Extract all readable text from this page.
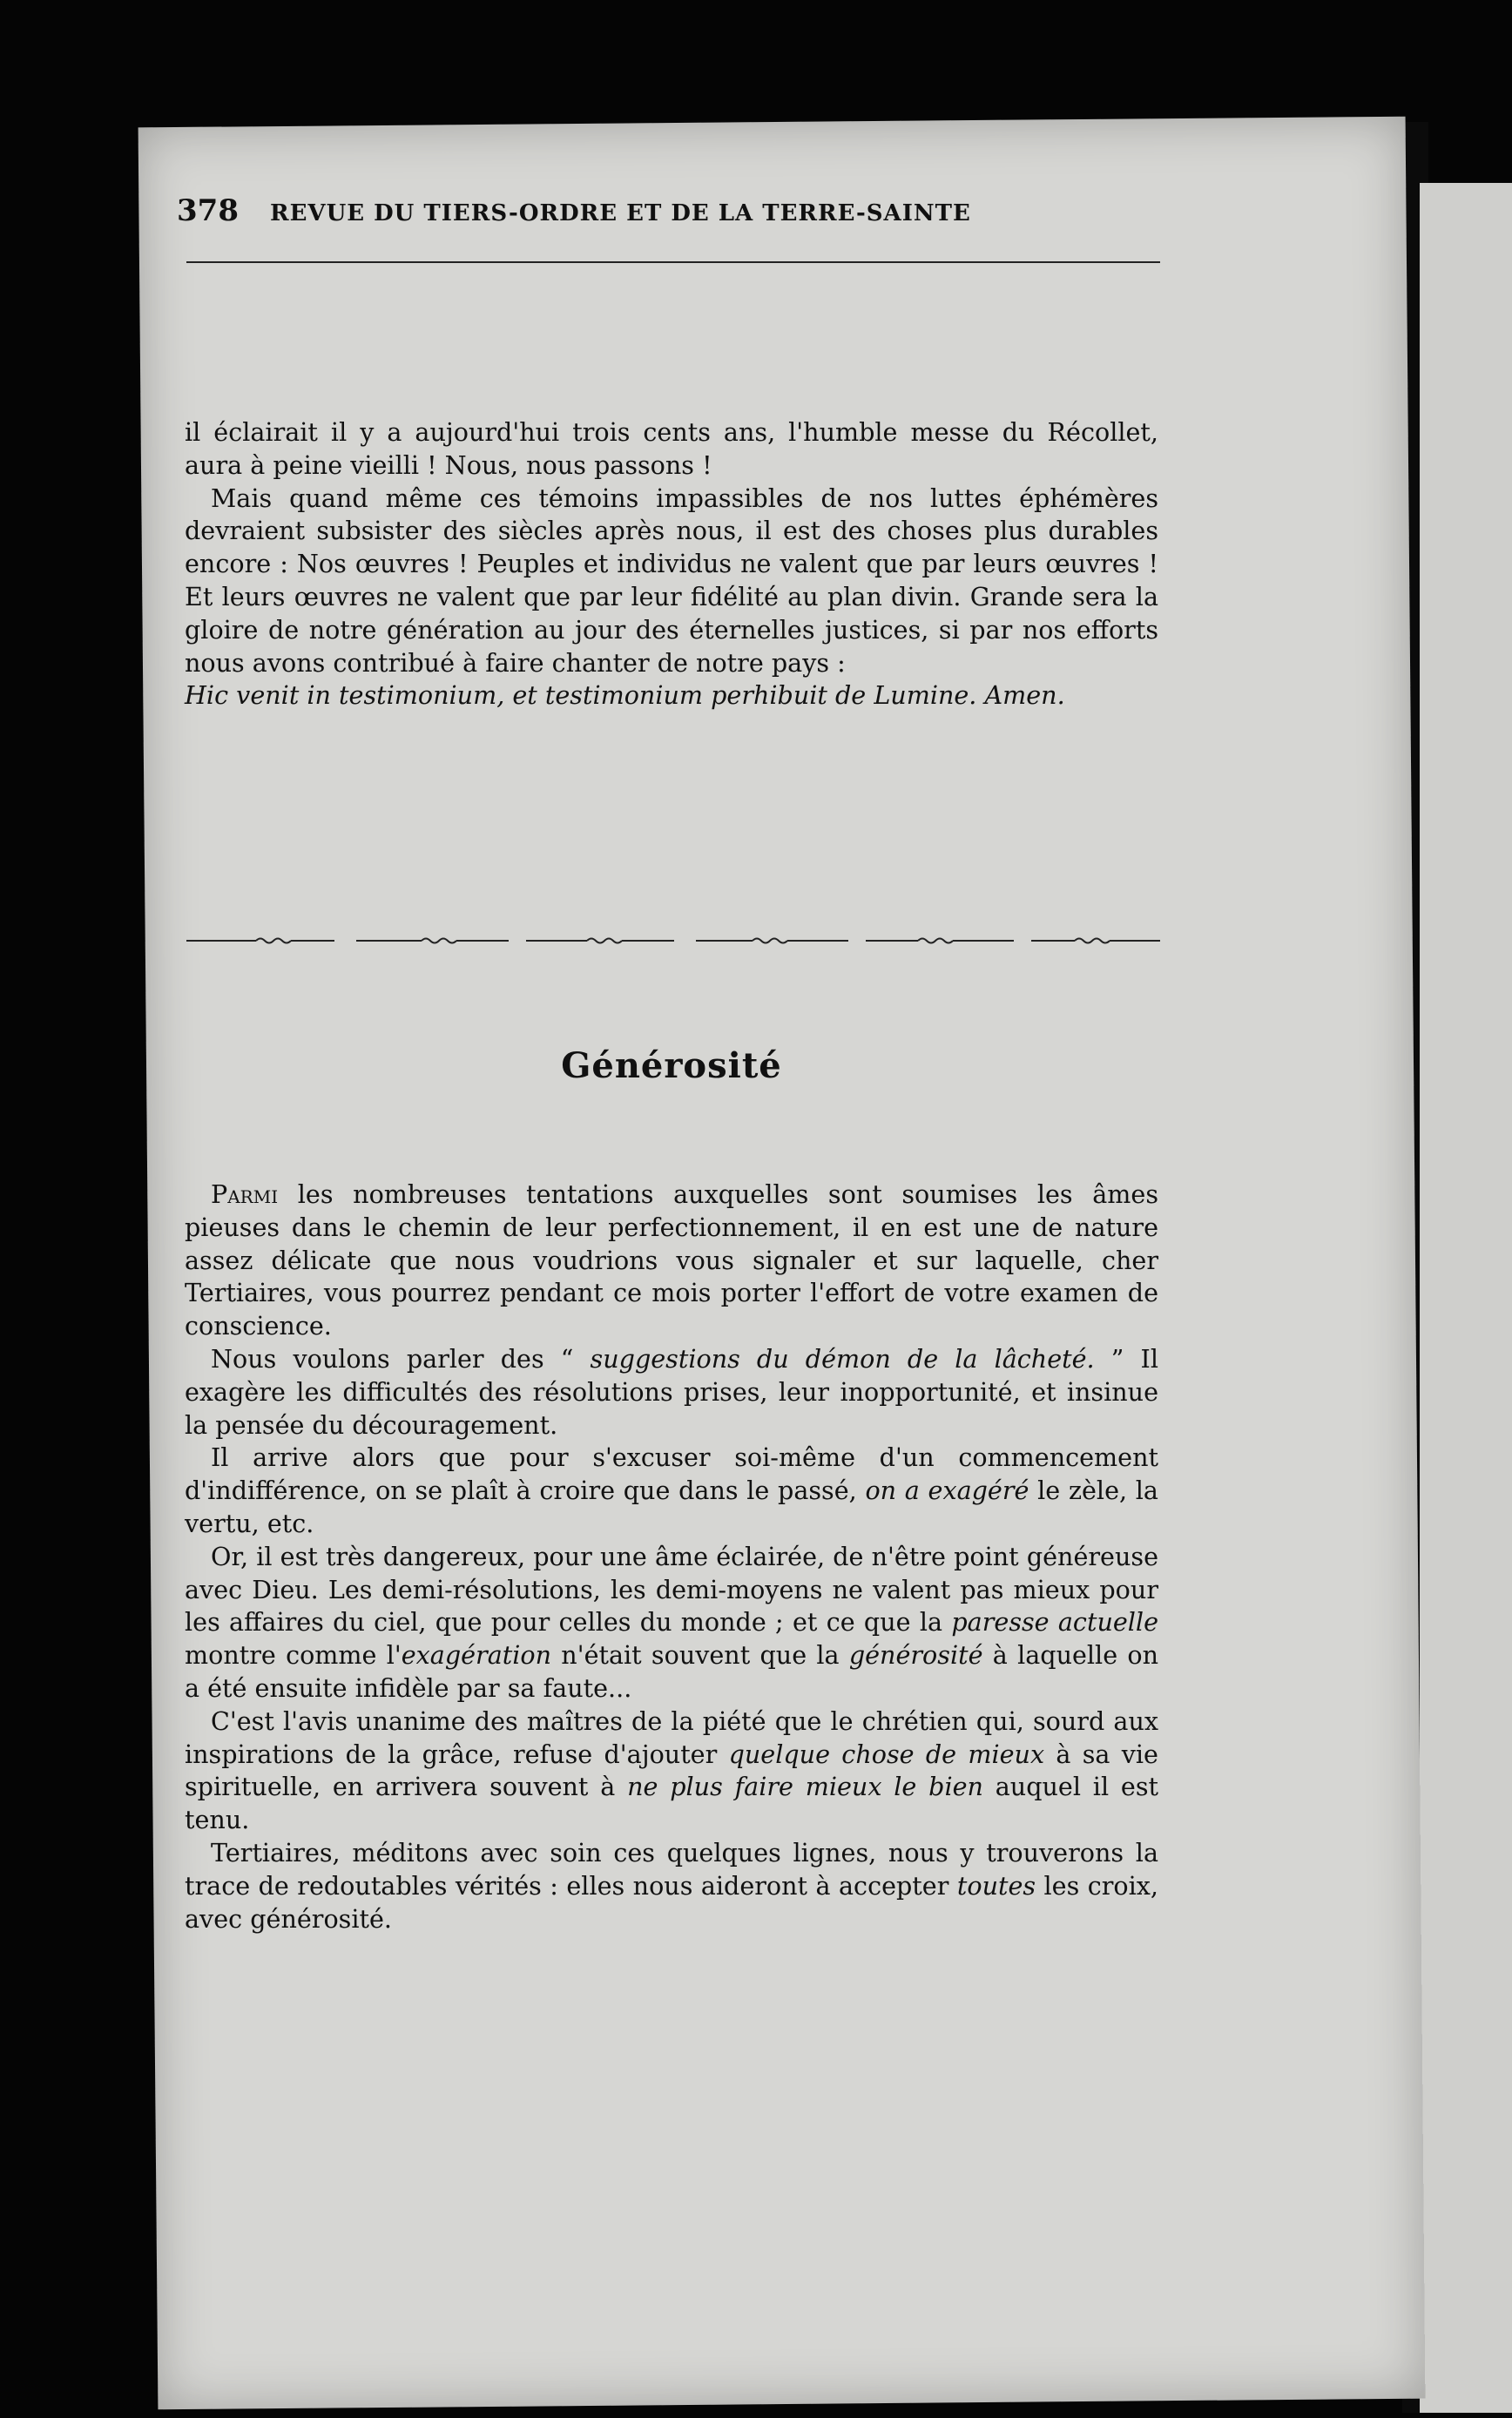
378 REVUE DU TIERS-ORDRE ET DE LA TERRE-SAINTE

il éclairait il y a aujourd'hui trois cents ans, l'humble messe du Récollet,

aura à peine vieilli ! Nous, nous passons !

Mais quand même ces témoins impassibles de nos luttes éphémères devraient subsister des siècles après nous, il est des choses plus durables encore : Nos œuvres ! Peuples et individus ne valent que par leurs œuvres ! Et leurs œuvres ne valent que par leur fidélité au plan divin. Grande sera la gloire de notre génération au jour des éternelles justices, si par nos efforts nous avons contribué à faire chanter de notre pays :

Hic venit in testimonium, et testimonium perhibuit de Lumine. Amen.

Générosité

Parmi les nombreuses tentations auxquelles sont soumises les âmes pieuses dans le chemin de leur perfectionnement, il en est une de nature assez délicate que nous voudrions vous signaler et sur laquelle, cher Tertiaires, vous pourrez pendant ce mois porter l'effort de votre examen de conscience.

Nous voulons parler des “ suggestions du démon de la lâcheté. ” Il exagère les difficultés des résolutions prises, leur inopportunité, et insinue la pensée du découragement.

Il arrive alors que pour s'excuser soi-même d'un commencement d'indifférence, on se plaît à croire que dans le passé, on a exagéré le zèle, la vertu, etc.

Or, il est très dangereux, pour une âme éclairée, de n'être point généreuse avec Dieu. Les demi-résolutions, les demi-moyens ne valent pas mieux pour les affaires du ciel, que pour celles du monde ; et ce que la paresse actuelle montre comme l'exagération n'était souvent que la générosité à laquelle on a été ensuite infidèle par sa faute...

C'est l'avis unanime des maîtres de la piété que le chrétien qui, sourd aux inspirations de la grâce, refuse d'ajouter quelque chose de mieux à sa vie spirituelle, en arrivera souvent à ne plus faire mieux le bien auquel il est tenu.

Tertiaires, méditons avec soin ces quelques lignes, nous y trouverons la trace de redoutables vérités : elles nous aideront à accepter toutes les croix, avec générosité.
